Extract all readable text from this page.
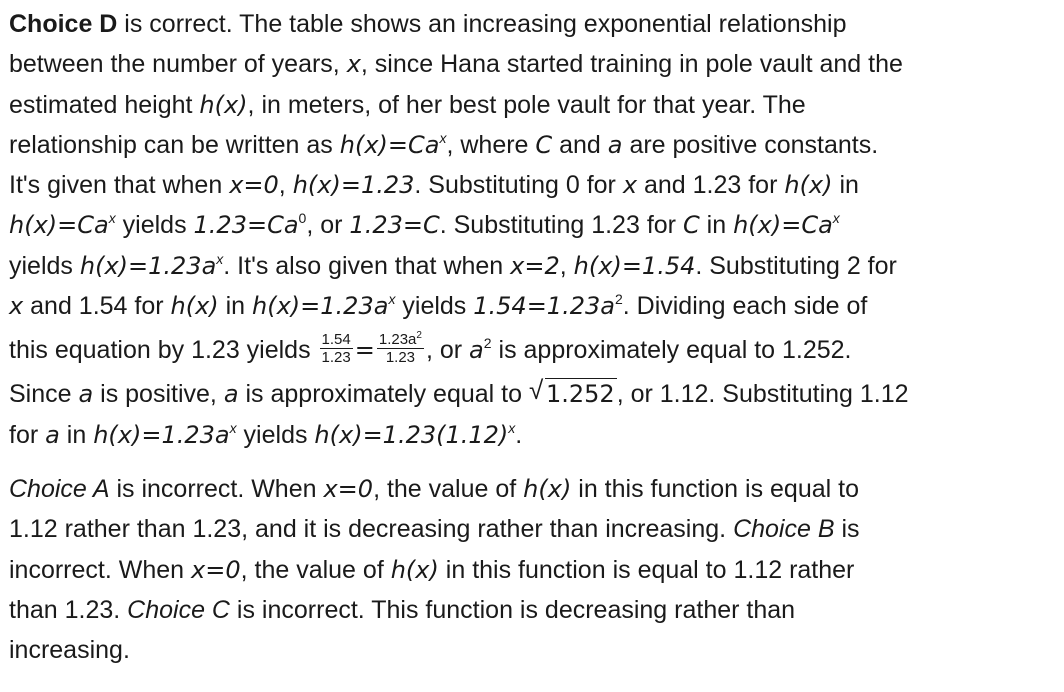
Choice D is correct. The table shows an increasing exponential relationship
between the number of years, x, since Hana started training in pole vault and the
estimated height h(x), in meters, of her best pole vault for that year. The
relationship can be written as $h(x)=Ca^x$, where C and a are positive constants.
It's given that when x=0, h(x)=1.23. Substituting 0 for x and 1.23 for h(x) in
$h(x)=Ca^x$ yields $1.23=Ca^0$, or 1.23=C. Substituting 1.23 for C in $h(x)=Ca^x$
yields $h(x)=1.23a^x$. It's also given that when x=2, h(x)=1.54. Substituting 2 for
x and 1.54 for h(x) in $h(x)=1.23a^x$ yields $1.54=1.23a^2$. Dividing each side of
this equation by 1.23 yields $\frac{1.54}{1.23} = \frac{1.23a^2}{1.23}$ , or $a^2$ is approximately equal to 1.252.
Since a is positive, a is approximately equal to √ 1.252, or 1.12. Substituting 1.12
for a in $h(x)=1.23a^x$ yields $h(x)=1.23(1.12)^x$.

Choice A is incorrect. When x=0, the value of h(x) in this function is equal to
1.12 rather than 1.23, and it is decreasing rather than increasing. Choice B is
incorrect. When x=0, the value of h(x) in this function is equal to 1.12 rather
than 1.23. Choice C is incorrect. This function is decreasing rather than
increasing.
